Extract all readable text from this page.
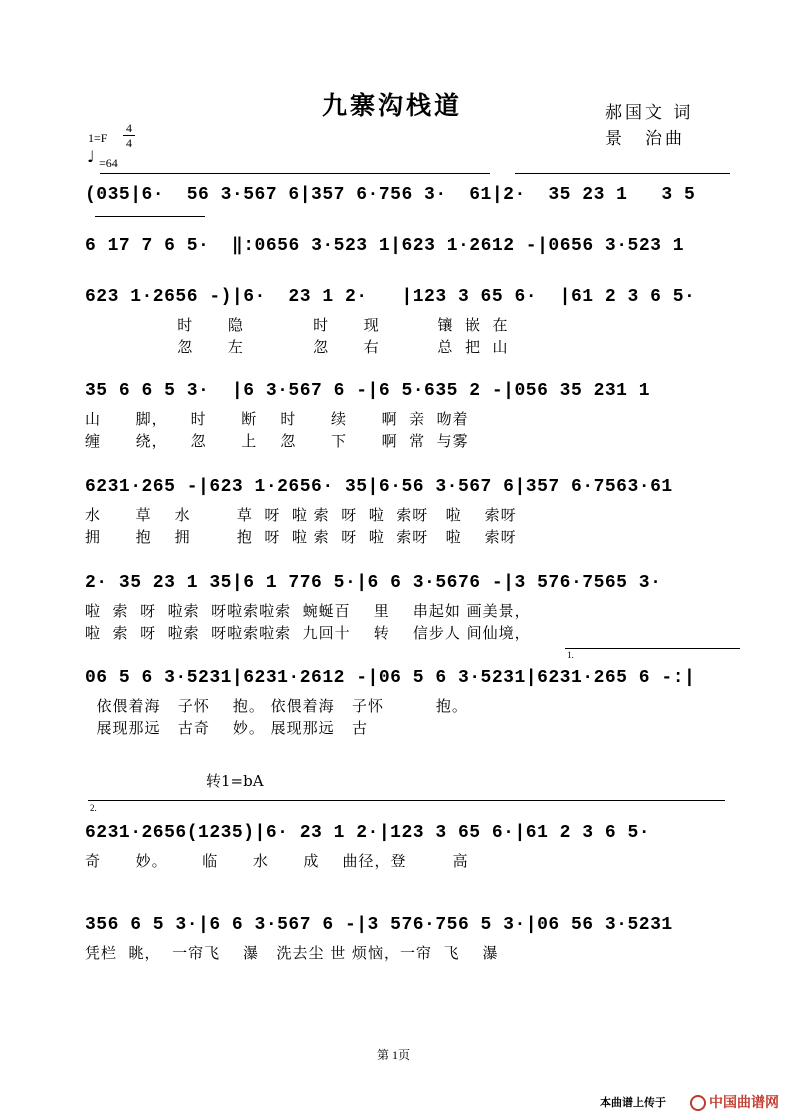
九寨沟栈道	郝国文 词
景　治曲
1=F
4
4
♩ =64
(035|6·  56 3·567 6|357 6·756 3·  61|2·  35 23 1   3 5
6 17 7 6 5·  ‖:0656 3·523 1|623 1·2612 -|0656 3·523 1
623 1·2656 -)|6·  23 1 2·   |123 3 65 6·  |61 2 3 6 5·
时      隐            时      现          镶  嵌  在
忽      左            忽      右          总  把  山
35 6 6 5 3·  |6 3·567 6 -|6 5·635 2 -|056 35 231 1
山      脚，    时      断    时      续      啊  亲  吻着
缠      绕，    忽      上    忽      下      啊  常  与雾
6231·265 -|623 1·2656· 35|6·56 3·567 6|357 6·7563·61
水      草    水        草  呀  啦 索  呀  啦  索呀   啦    索呀
拥      抱    拥        抱  呀  啦 索  呀  啦  索呀   啦    索呀
2· 35 23 1 35|6 1 776 5·|6 6 3·5676 -|3 576·7565 3·
啦  索  呀  啦索  呀啦索啦索  蜿蜒百    里    串起如 画美景，
啦  索  呀  啦索  呀啦索啦索  九回十    转    信步人 间仙境，
1.
06 5 6 3·5231|6231·2612 -|06 5 6 3·5231|6231·265 6 -:|
依偎着海   子怀    抱。 依偎着海   子怀         抱。
展现那远   古奇    妙。 展现那远   古
转1=bA
2.
6231·2656(1235)|6· 23 1 2·|123 3 65 6·|61 2 3 6 5·
奇      妙。      临      水      成    曲径，登        高
356 6 5 3·|6 6 3·567 6 -|3 576·756 5 3·|06 56 3·5231
凭栏  眺，  一帘飞    瀑   洗去尘 世 烦恼，一帘  飞    瀑
第 1页
本曲谱上传于	中国曲谱网
